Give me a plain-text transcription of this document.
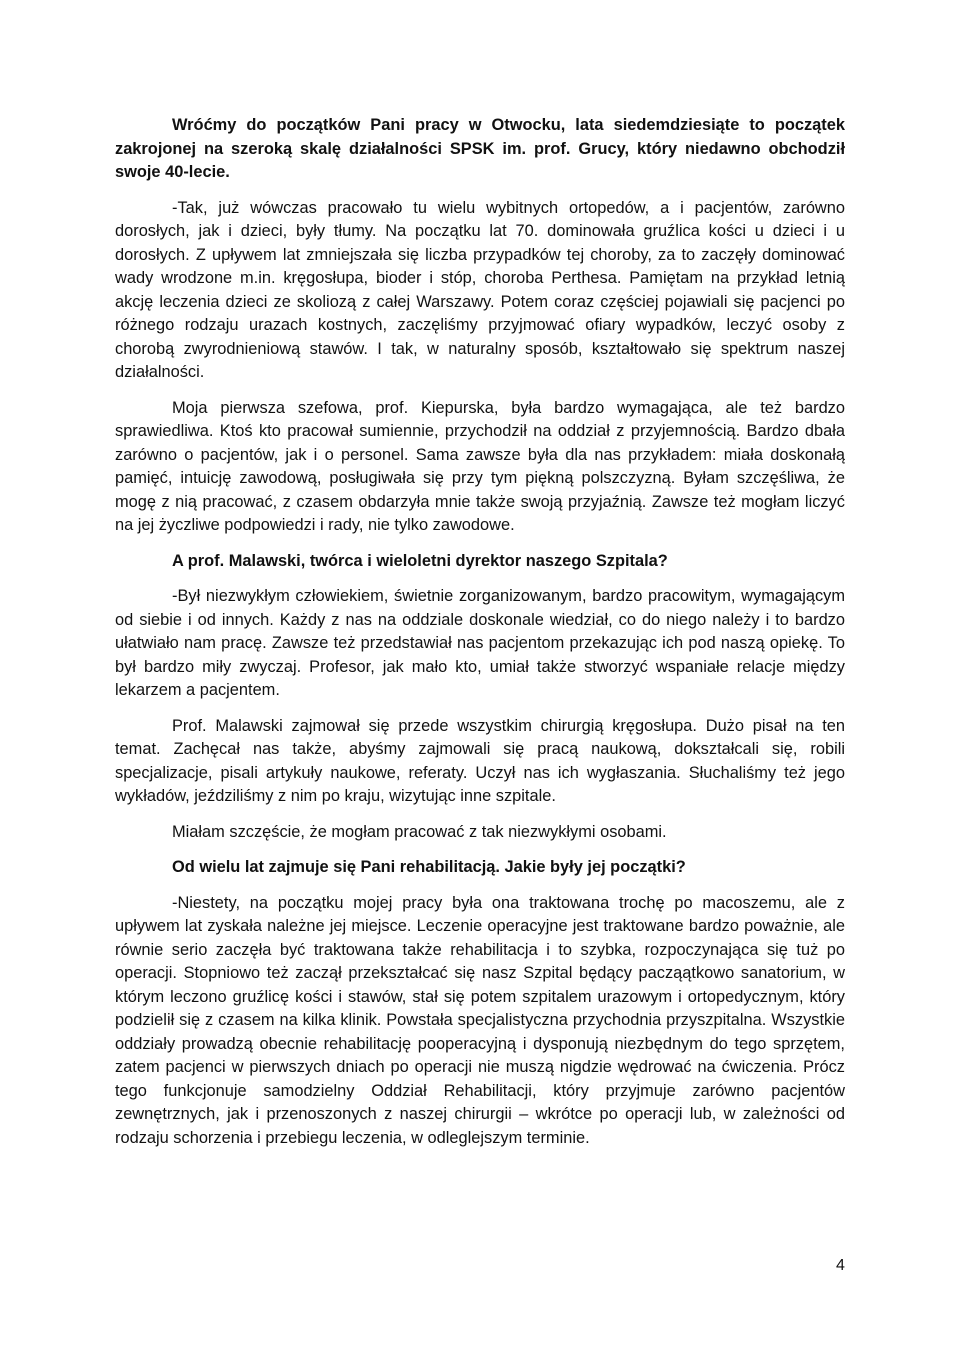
Wróćmy do początków Pani pracy w Otwocku, lata siedemdziesiąte to początek zakrojonej na szeroką skalę działalności SPSK im. prof. Grucy, który niedawno obchodził swoje 40-lecie.

-Tak, już wówczas pracowało tu wielu wybitnych ortopedów, a i pacjentów, zarówno dorosłych, jak i dzieci, były tłumy. Na początku lat 70. dominowała gruźlica kości u dzieci i u dorosłych. Z upływem lat zmniejszała się liczba przypadków tej choroby, za to zaczęły dominować wady wrodzone m.in. kręgosłupa, bioder i stóp, choroba Perthesa. Pamiętam na przykład letnią akcję leczenia dzieci ze skoliozą z całej Warszawy. Potem coraz częściej pojawiali się pacjenci po różnego rodzaju urazach kostnych, zaczęliśmy przyjmować ofiary wypadków, leczyć osoby z chorobą zwyrodnieniową stawów. I tak, w naturalny sposób, kształtowało się spektrum naszej działalności.

Moja pierwsza szefowa, prof. Kiepurska, była bardzo wymagająca, ale też bardzo sprawiedliwa. Ktoś kto pracował sumiennie, przychodził na oddział z przyjemnością. Bardzo dbała zarówno o pacjentów, jak i o personel. Sama zawsze była dla nas przykładem: miała doskonałą pamięć, intuicję zawodową, posługiwała się przy tym piękną polszczyzną. Byłam szczęśliwa, że mogę z nią pracować, z czasem obdarzyła mnie także swoją przyjaźnią. Zawsze też mogłam liczyć na jej życzliwe podpowiedzi i rady, nie tylko zawodowe.

A prof. Malawski, twórca i wieloletni dyrektor naszego Szpitala?

-Był niezwykłym człowiekiem, świetnie zorganizowanym, bardzo pracowitym, wymagającym od siebie i od innych. Każdy z nas na oddziale doskonale wiedział, co do niego należy i to bardzo ułatwiało nam pracę. Zawsze też przedstawiał nas pacjentom przekazując ich pod naszą opiekę. To był bardzo miły zwyczaj. Profesor, jak mało kto, umiał także stworzyć wspaniałe relacje między lekarzem a pacjentem.

Prof. Malawski zajmował się przede wszystkim chirurgią kręgosłupa. Dużo pisał na ten temat. Zachęcał nas także, abyśmy zajmowali się pracą naukową, dokształcali się, robili specjalizacje, pisali artykuły naukowe, referaty. Uczył nas ich wygłaszania. Słuchaliśmy też jego wykładów, jeździliśmy z nim po kraju, wizytując inne szpitale.

Miałam szczęście, że mogłam pracować z tak niezwykłymi osobami.

Od wielu lat zajmuje się Pani rehabilitacją. Jakie były jej początki?

-Niestety, na początku mojej pracy była ona traktowana trochę po macoszemu, ale z upływem lat zyskała należne jej miejsce. Leczenie operacyjne jest traktowane bardzo poważnie, ale równie serio zaczęła być traktowana także rehabilitacja i to szybka, rozpoczynająca się tuż po operacji. Stopniowo też zaczął przekształcać się nasz Szpital będący pacząątkowo sanatorium, w którym leczono gruźlicę kości i stawów, stał się potem szpitalem urazowym i ortopedycznym, który podzielił się z czasem na kilka klinik. Powstała specjalistyczna przychodnia przyszpitalna. Wszystkie oddziały prowadzą obecnie rehabilitację pooperacyjną i dysponują niezbędnym do tego sprzętem, zatem pacjenci w pierwszych dniach po operacji nie muszą nigdzie wędrować na ćwiczenia. Prócz tego funkcjonuje samodzielny Oddział Rehabilitacji, który przyjmuje zarówno pacjentów zewnętrznych, jak i przenoszonych z naszej chirurgii – wkrótce po operacji lub, w zależności od rodzaju schorzenia i przebiegu leczenia, w odleglejszym terminie.

4
